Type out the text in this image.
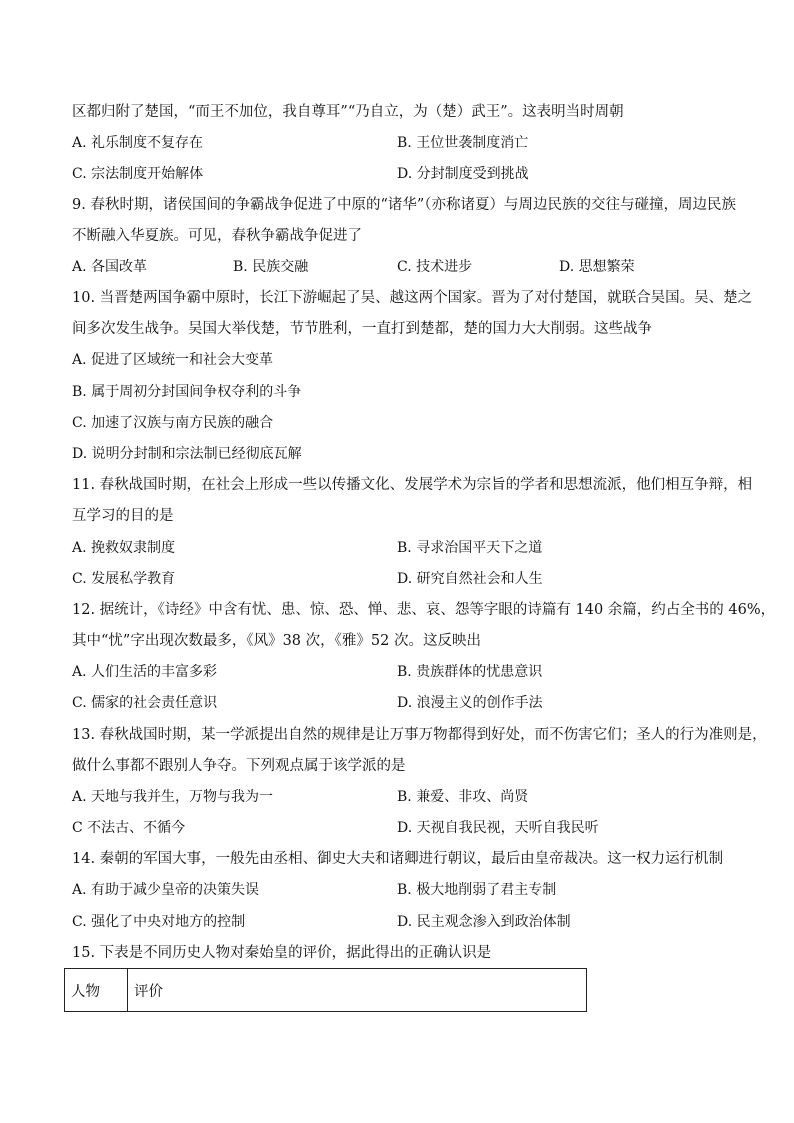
区都归附了楚国，“而王不加位，我自尊耳”“乃自立，为（楚）武王”。这表明当时周朝
A. 礼乐制度不复存在	B. 王位世袭制度消亡
C. 宗法制度开始解体	D. 分封制度受到挑战
9. 春秋时期，诸侯国间的争霸战争促进了中原的“诸华”（亦称诸夏）与周边民族的交往与碰撞，周边民族
不断融入华夏族。可见，春秋争霸战争促进了
A. 各国改革	B. 民族交融	C. 技术进步	D. 思想繁荣
10. 当晋楚两国争霸中原时，长江下游崛起了吴、越这两个国家。晋为了对付楚国，就联合吴国。吴、楚之
间多次发生战争。吴国大举伐楚，节节胜利，一直打到楚都，楚的国力大大削弱。这些战争
A. 促进了区域统一和社会大变革
B. 属于周初分封国间争权夺利的斗争
C. 加速了汉族与南方民族的融合
D. 说明分封制和宗法制已经彻底瓦解
11. 春秋战国时期，在社会上形成一些以传播文化、发展学术为宗旨的学者和思想流派，他们相互争辩，相
互学习的目的是
A. 挽救奴隶制度	B. 寻求治国平天下之道
C. 发展私学教育	D. 研究自然社会和人生
12. 据统计，《诗经》中含有忧、患、惊、恐、惮、悲、哀、怨等字眼的诗篇有 140 余篇，约占全书的 46%，
其中“忧”字出现次数最多，《风》38 次，《雅》52 次。这反映出
A. 人们生活的丰富多彩	B. 贵族群体的忧患意识
C. 儒家的社会责任意识	D. 浪漫主义的创作手法
13. 春秋战国时期，某一学派提出自然的规律是让万事万物都得到好处，而不伤害它们；圣人的行为准则是，
做什么事都不跟别人争夺。下列观点属于该学派的是
A. 天地与我并生，万物与我为一	B. 兼爱、非攻、尚贤
C 不法古、不循今	D. 天视自我民视，天听自我民听
14. 秦朝的军国大事，一般先由丞相、御史大夫和诸卿进行朝议，最后由皇帝裁决。这一权力运行机制
A. 有助于减少皇帝的决策失误	B. 极大地削弱了君主专制
C. 强化了中央对地方的控制	D. 民主观念渗入到政治体制
15. 下表是不同历史人物对秦始皇的评价，据此得出的正确认识是
人物	评价
